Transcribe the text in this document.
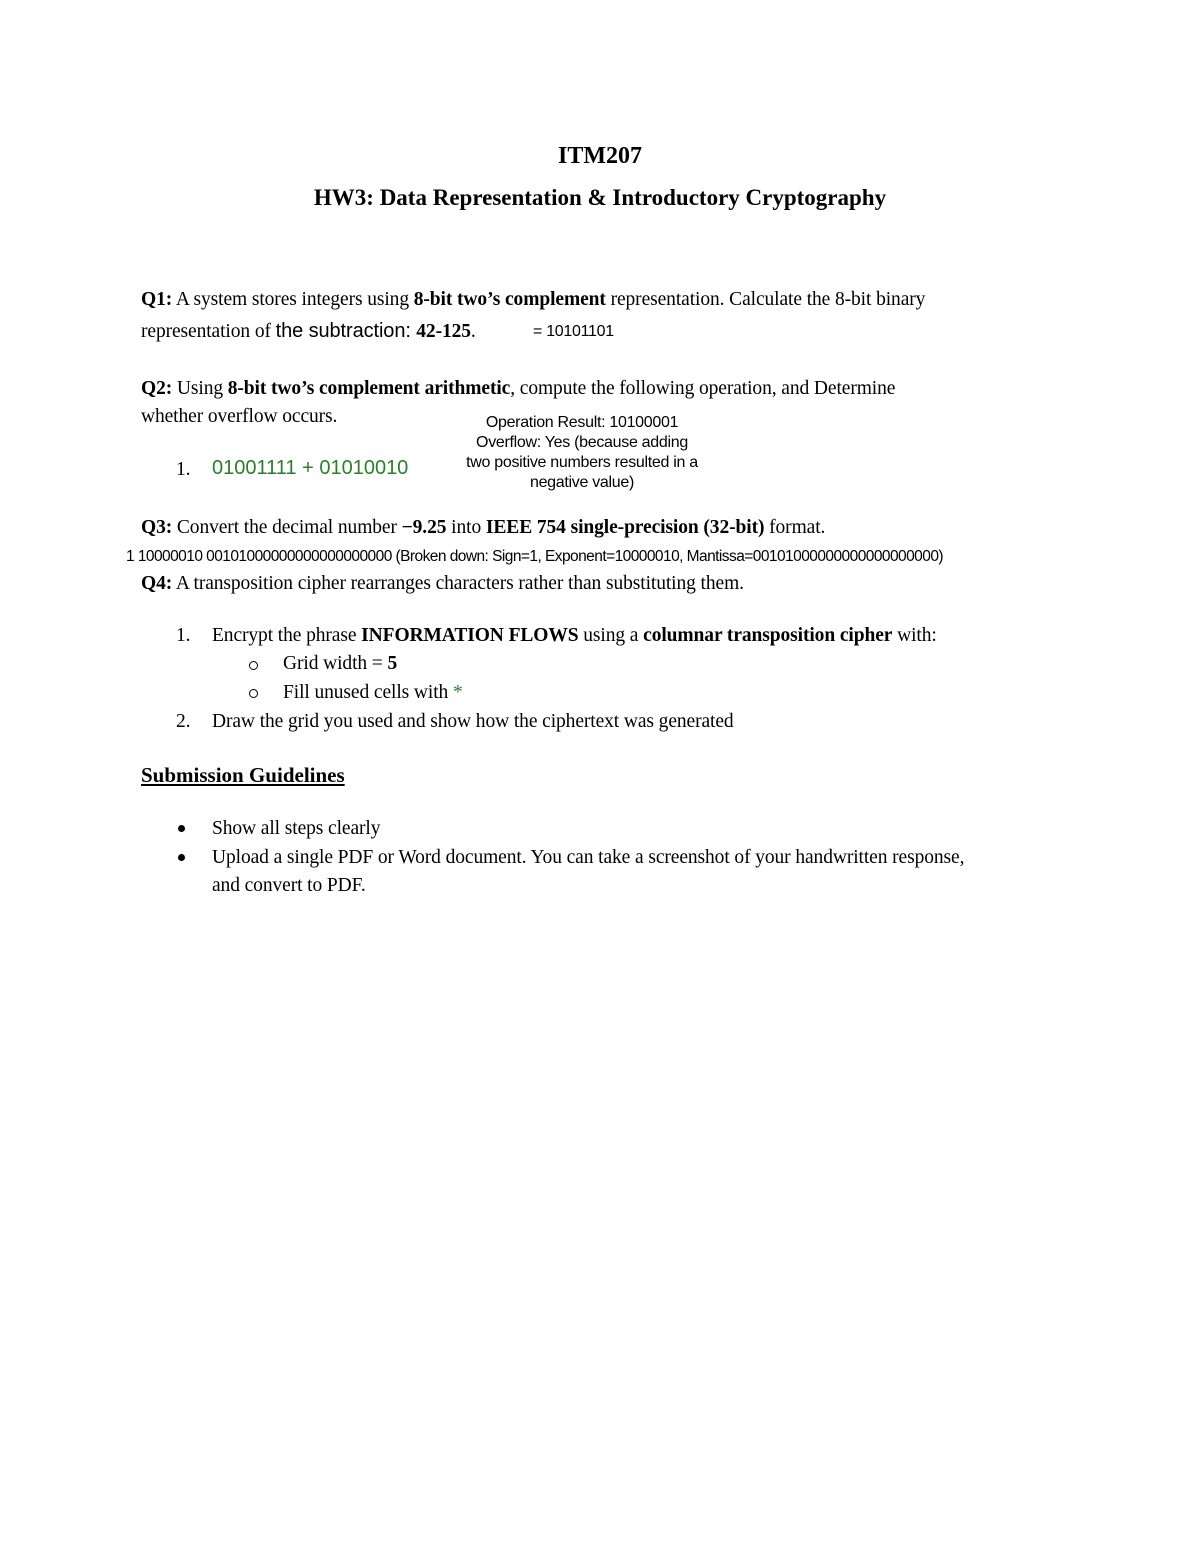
ITM207
HW3: Data Representation & Introductory Cryptography
Q1: A system stores integers using 8-bit two’s complement representation. Calculate the 8-bit binary
representation of the subtraction: 42-125.	= 10101101
Q2: Using 8-bit two’s complement arithmetic, compute the following operation, and Determine
whether overflow occurs.
1. 01001111 + 01010010
Operation Result: 10100001
Overflow: Yes (because adding
two positive numbers resulted in a
negative value)
Q3: Convert the decimal number −9.25 into IEEE 754 single-precision (32-bit) format.
1 10000010 00101000000000000000000 (Broken down: Sign=1, Exponent=10000010, Mantissa=00101000000000000000000)
Q4: A transposition cipher rearranges characters rather than substituting them.
1. Encrypt the phrase INFORMATION FLOWS using a columnar transposition cipher with:
Grid width = 5
Fill unused cells with *
2. Draw the grid you used and show how the ciphertext was generated
Submission Guidelines
Show all steps clearly
Upload a single PDF or Word document. You can take a screenshot of your handwritten response,
and convert to PDF.
